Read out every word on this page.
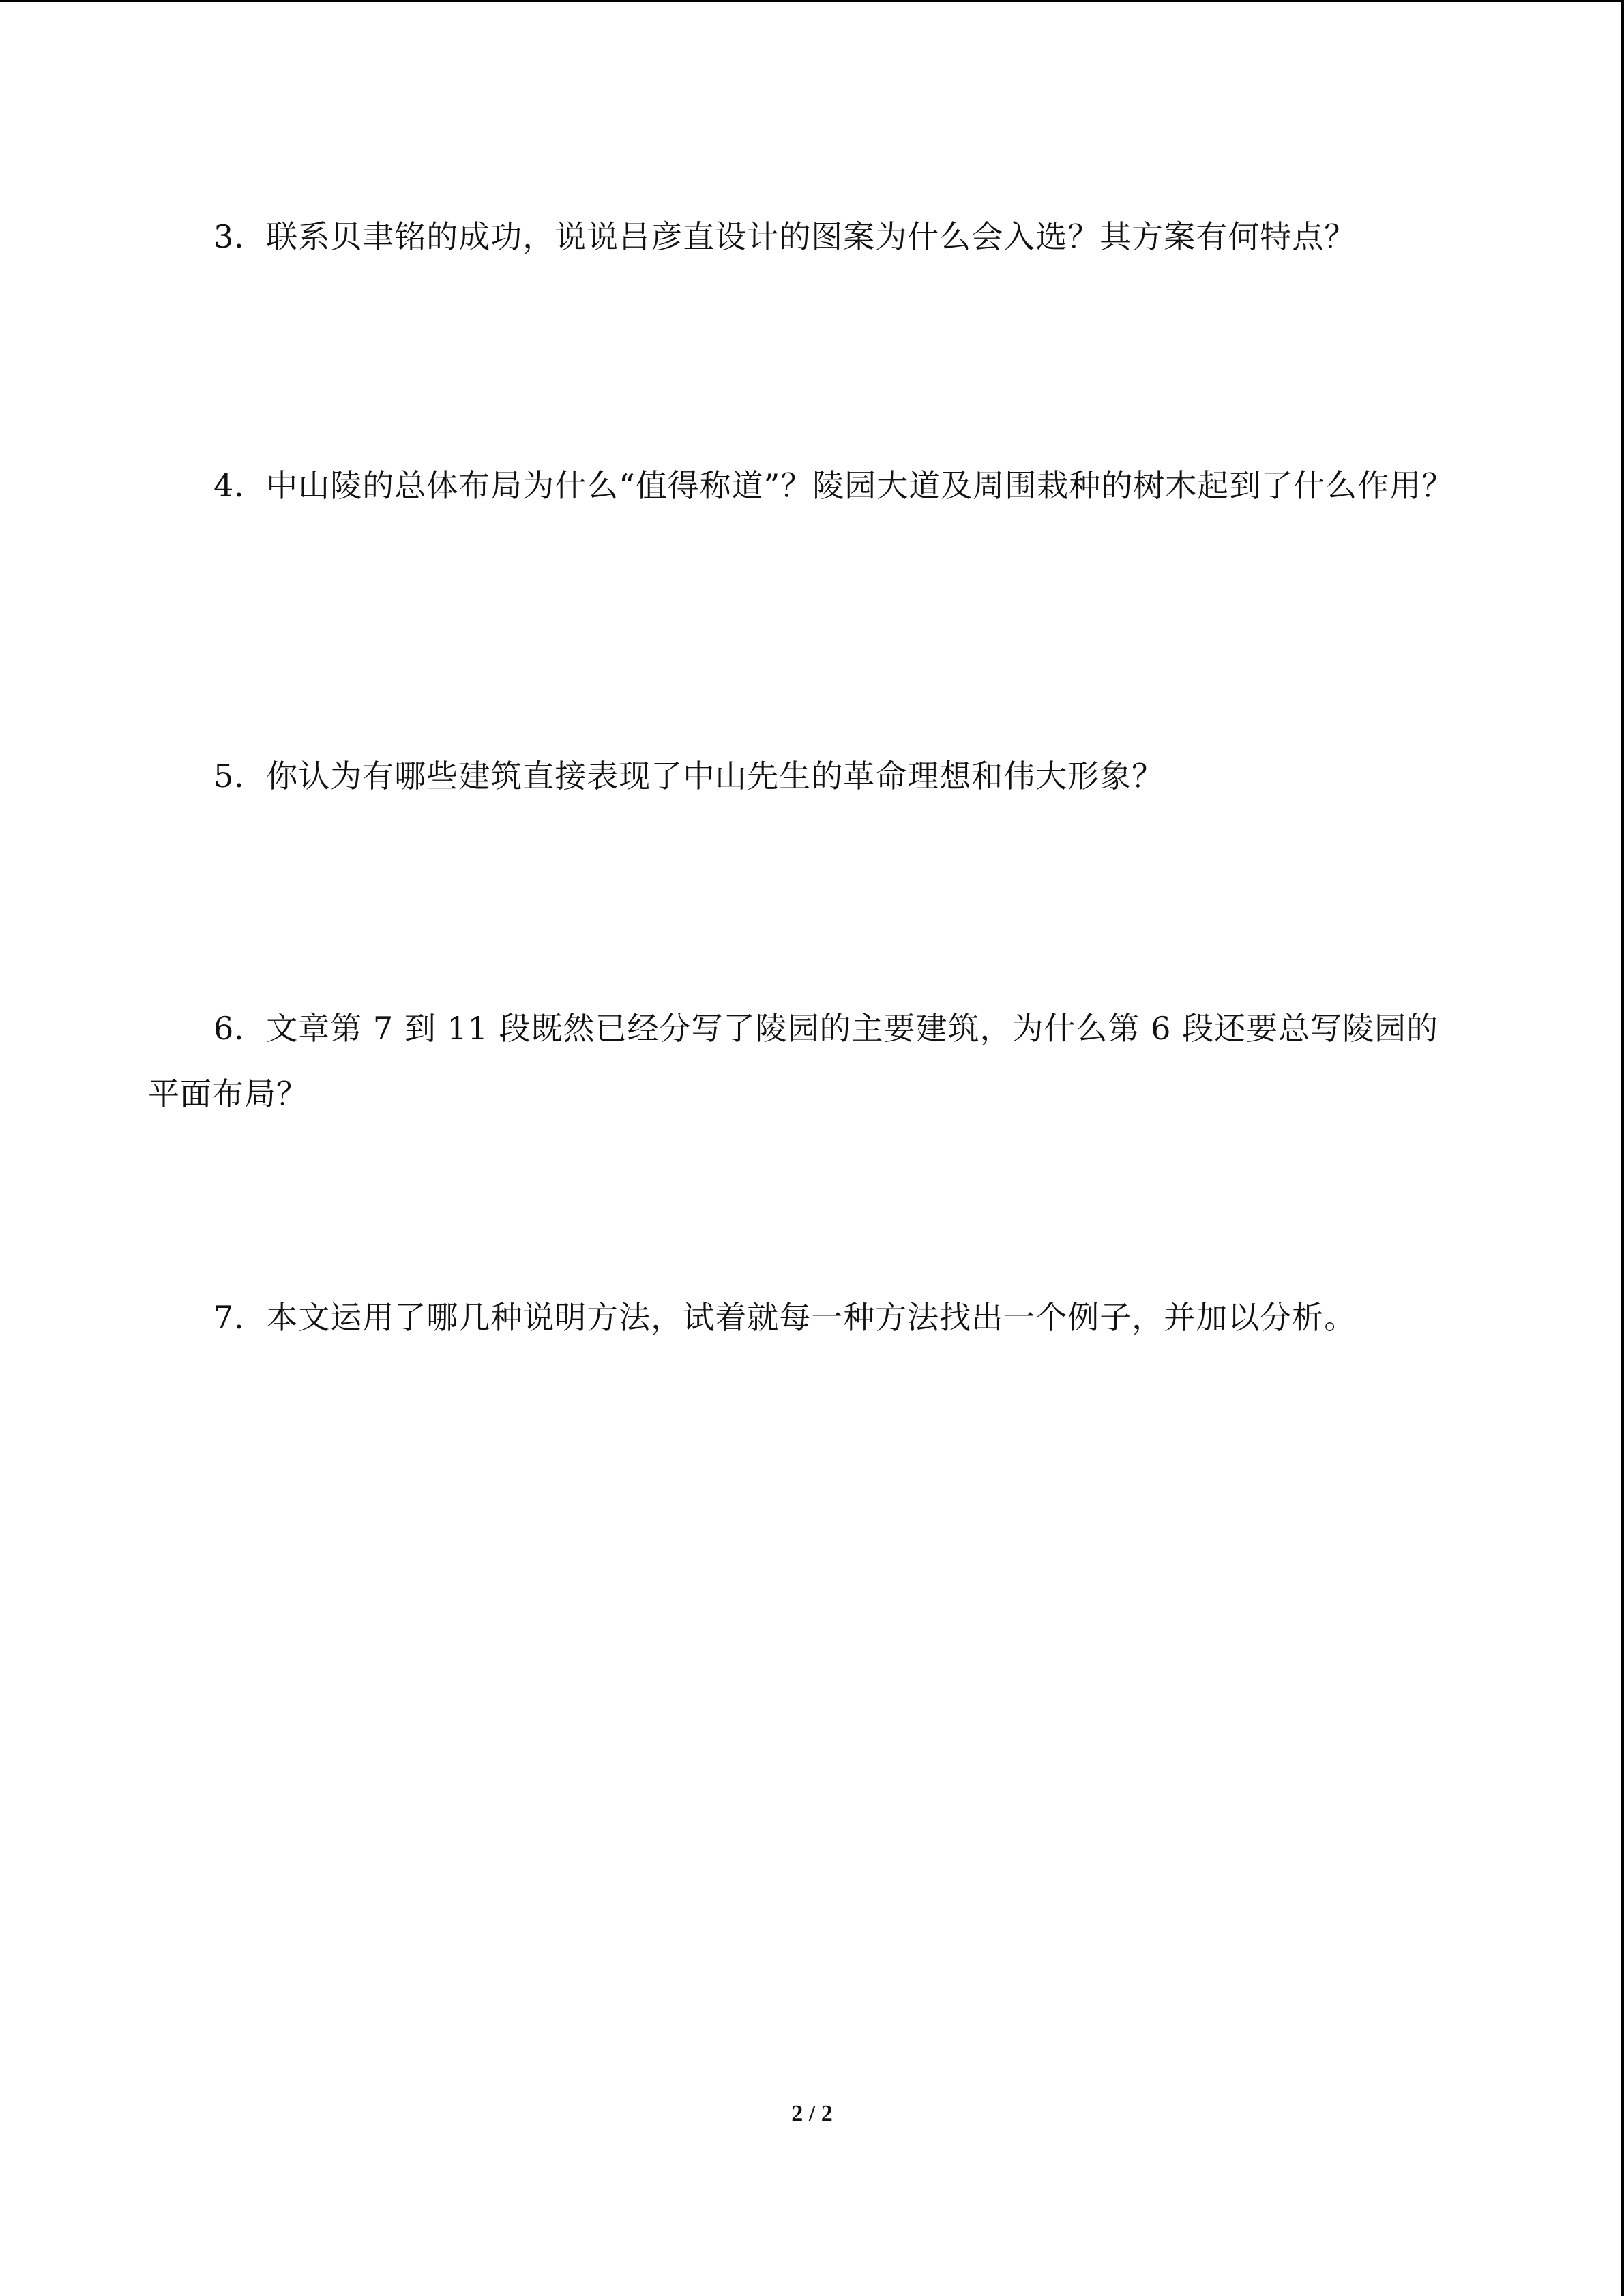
3．联系贝聿铭的成功，说说吕彦直设计的图案为什么会入选？其方案有何特点？

4．中山陵的总体布局为什么“值得称道”？陵园大道及周围栽种的树木起到了什么作用？

5．你认为有哪些建筑直接表现了中山先生的革命理想和伟大形象？

6．文章第 7 到 11 段既然已经分写了陵园的主要建筑，为什么第 6 段还要总写陵园的平面布局？

7．本文运用了哪几种说明方法，试着就每一种方法找出一个例子，并加以分析。

2 / 2
